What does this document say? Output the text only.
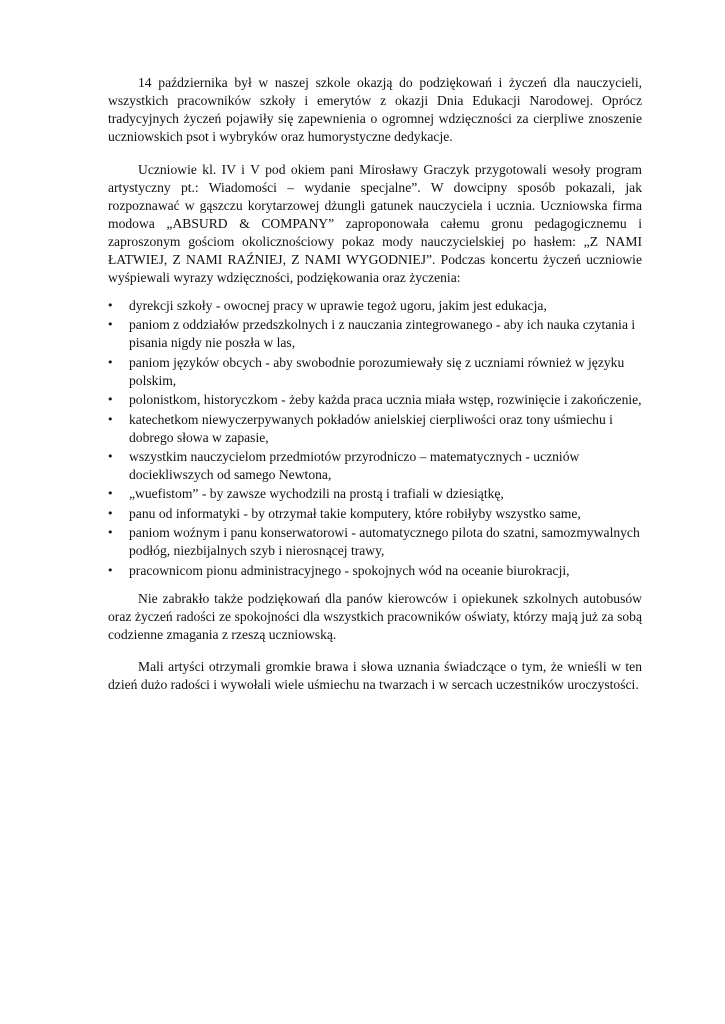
14 października był w naszej szkole okazją do podziękowań i życzeń dla nauczycieli, wszystkich pracowników szkoły i emerytów z okazji Dnia Edukacji Narodowej. Oprócz tradycyjnych życzeń pojawiły się zapewnienia o ogromnej wdzięczności za cierpliwe znoszenie uczniowskich psot i wybryków oraz humorystyczne dedykacje.

Uczniowie kl. IV i V pod okiem pani Mirosławy Graczyk przygotowali wesoły program artystyczny pt.: Wiadomości – wydanie specjalne”. W dowcipny sposób pokazali, jak rozpoznawać w gąszczu korytarzowej dżungli gatunek nauczyciela i ucznia. Uczniowska firma modowa „ABSURD & COMPANY” zaproponowała całemu gronu pedagogicznemu i zaproszonym gościom okolicznościowy pokaz mody nauczycielskiej po hasłem: „Z NAMI ŁATWIEJ, Z NAMI RAŹNIEJ, Z NAMI WYGODNIEJ”. Podczas koncertu życzeń uczniowie wyśpiewali wyrazy wdzięczności, podziękowania oraz życzenia:

• dyrekcji szkoły - owocnej pracy w uprawie tegoż ugoru, jakim jest edukacja,
• paniom z oddziałów przedszkolnych i z nauczania zintegrowanego - aby ich nauka czytania i pisania nigdy nie poszła w las,
• paniom języków obcych - aby swobodnie porozumiewały się z uczniami również w języku polskim,
• polonistkom, historyczkom - żeby każda praca ucznia miała wstęp, rozwinięcie i zakończenie,
• katechetkom niewyczerpywanych pokładów anielskiej cierpliwości oraz tony uśmiechu i dobrego słowa w zapasie,
• wszystkim nauczycielom przedmiotów przyrodniczo – matematycznych - uczniów dociekliwszych od samego Newtona,
• „wuefistom” - by zawsze wychodzili na prostą i trafiali w dziesiątkę,
• panu od informatyki - by otrzymał takie komputery, które robiłyby wszystko same,
• paniom woźnym i panu konserwatorowi - automatycznego pilota do szatni, samozmywalnych podłóg, niezbijalnych szyb i nierosnącej trawy,
• pracownicom pionu administracyjnego - spokojnych wód na oceanie biurokracji,

Nie zabrakło także podziękowań dla panów kierowców i opiekunek szkolnych autobusów oraz życzeń radości ze spokojności dla wszystkich pracowników oświaty, którzy mają już za sobą codzienne zmagania z rzeszą uczniowską.

Mali artyści otrzymali gromkie brawa i słowa uznania świadczące o tym, że wnieśli w ten dzień dużo radości i wywołali wiele uśmiechu na twarzach i w sercach uczestników uroczystości.
